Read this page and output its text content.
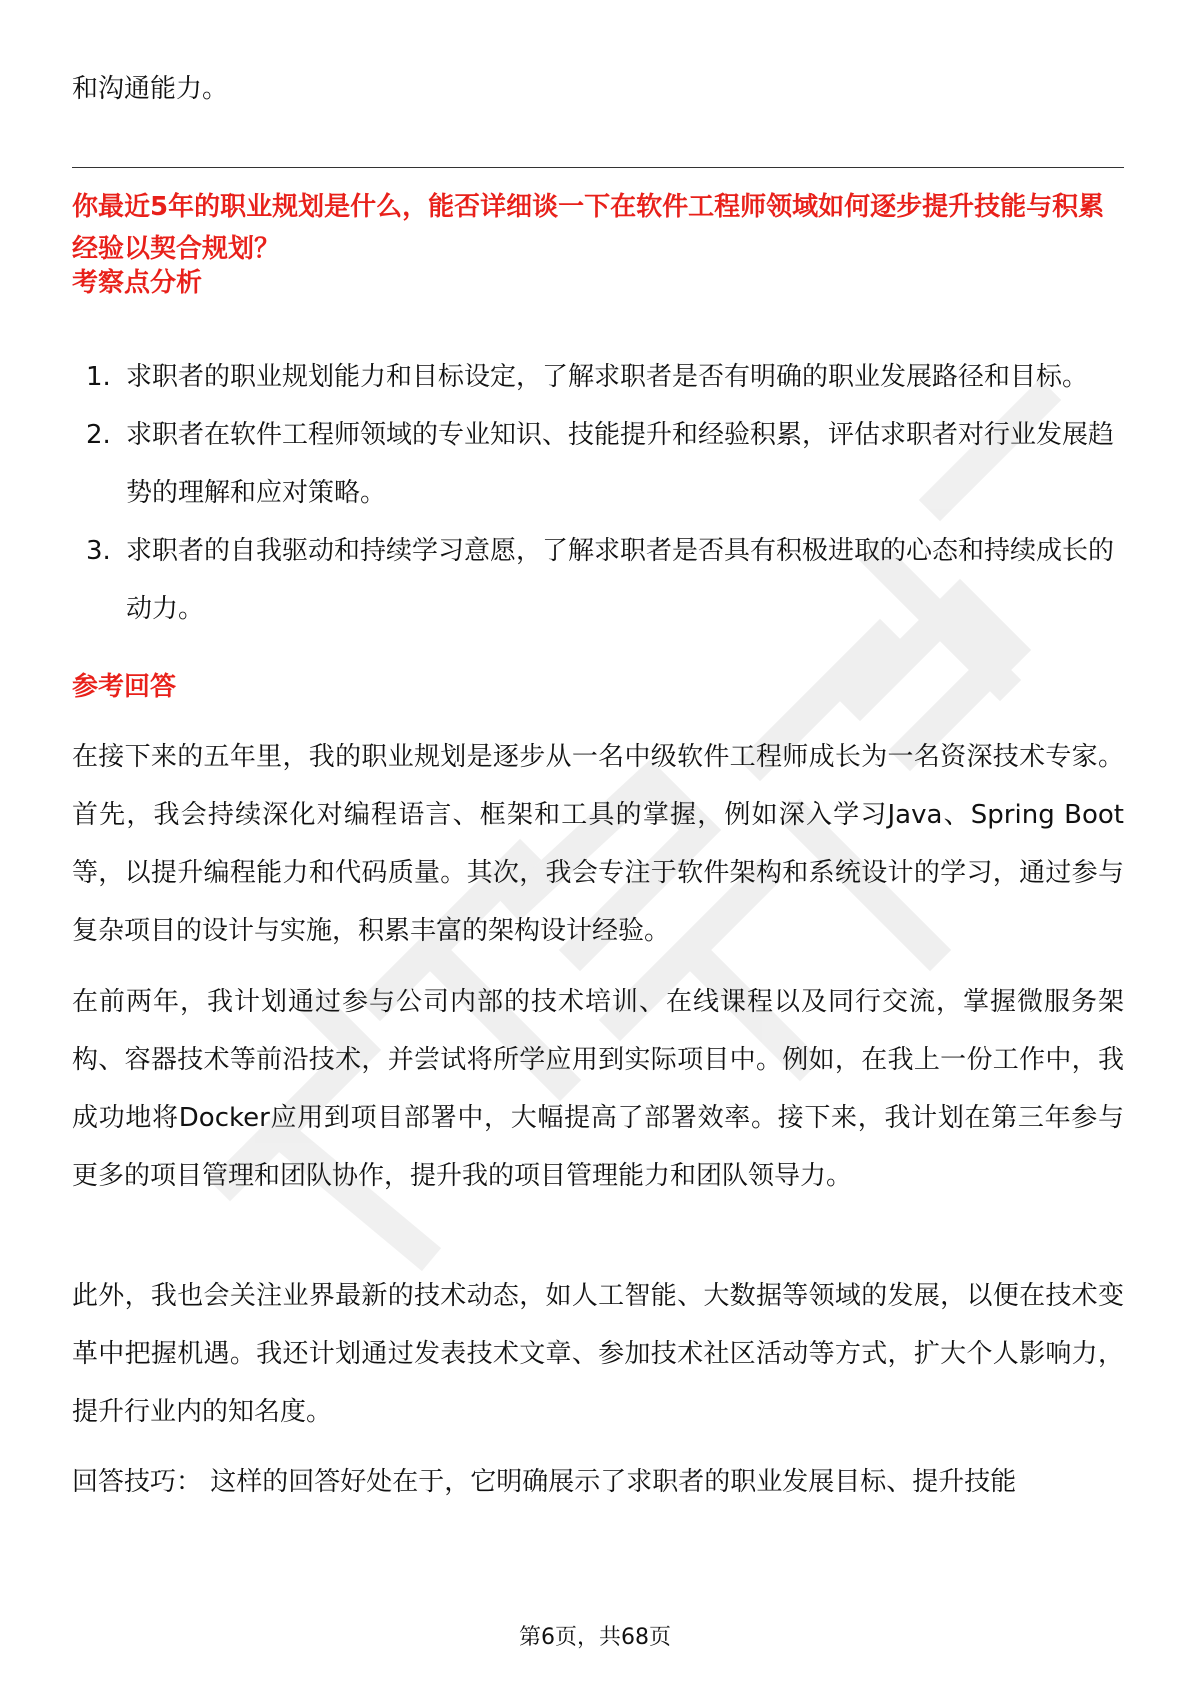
和沟通能力。
你最近5年的职业规划是什么，能否详细谈一下在软件工程师领域如何逐步提升技能与积累经验以契合规划？
考察点分析
1. 求职者的职业规划能力和目标设定，了解求职者是否有明确的职业发展路径和目标。
2. 求职者在软件工程师领域的专业知识、技能提升和经验积累，评估求职者对行业发展趋势的理解和应对策略。
3. 求职者的自我驱动和持续学习意愿，了解求职者是否具有积极进取的心态和持续成长的动力。
参考回答

在接下来的五年里，我的职业规划是逐步从一名中级软件工程师成长为一名资深技术专家。首先，我会持续深化对编程语言、框架和工具的掌握，例如深入学习Java、Spring Boot等，以提升编程能力和代码质量。其次，我会专注于软件架构和系统设计的学习，通过参与复杂项目的设计与实施，积累丰富的架构设计经验。

在前两年，我计划通过参与公司内部的技术培训、在线课程以及同行交流，掌握微服务架构、容器技术等前沿技术，并尝试将所学应用到实际项目中。例如，在我上一份工作中，我成功地将Docker应用到项目部署中，大幅提高了部署效率。接下来，我计划在第三年参与更多的项目管理和团队协作，提升我的项目管理能力和团队领导力。

此外，我也会关注业界最新的技术动态，如人工智能、大数据等领域的发展，以便在技术变革中把握机遇。我还计划通过发表技术文章、参加技术社区活动等方式，扩大个人影响力，提升行业内的知名度。

回答技巧： 这样的回答好处在于，它明确展示了求职者的职业发展目标、提升技能

第6页，共68页
